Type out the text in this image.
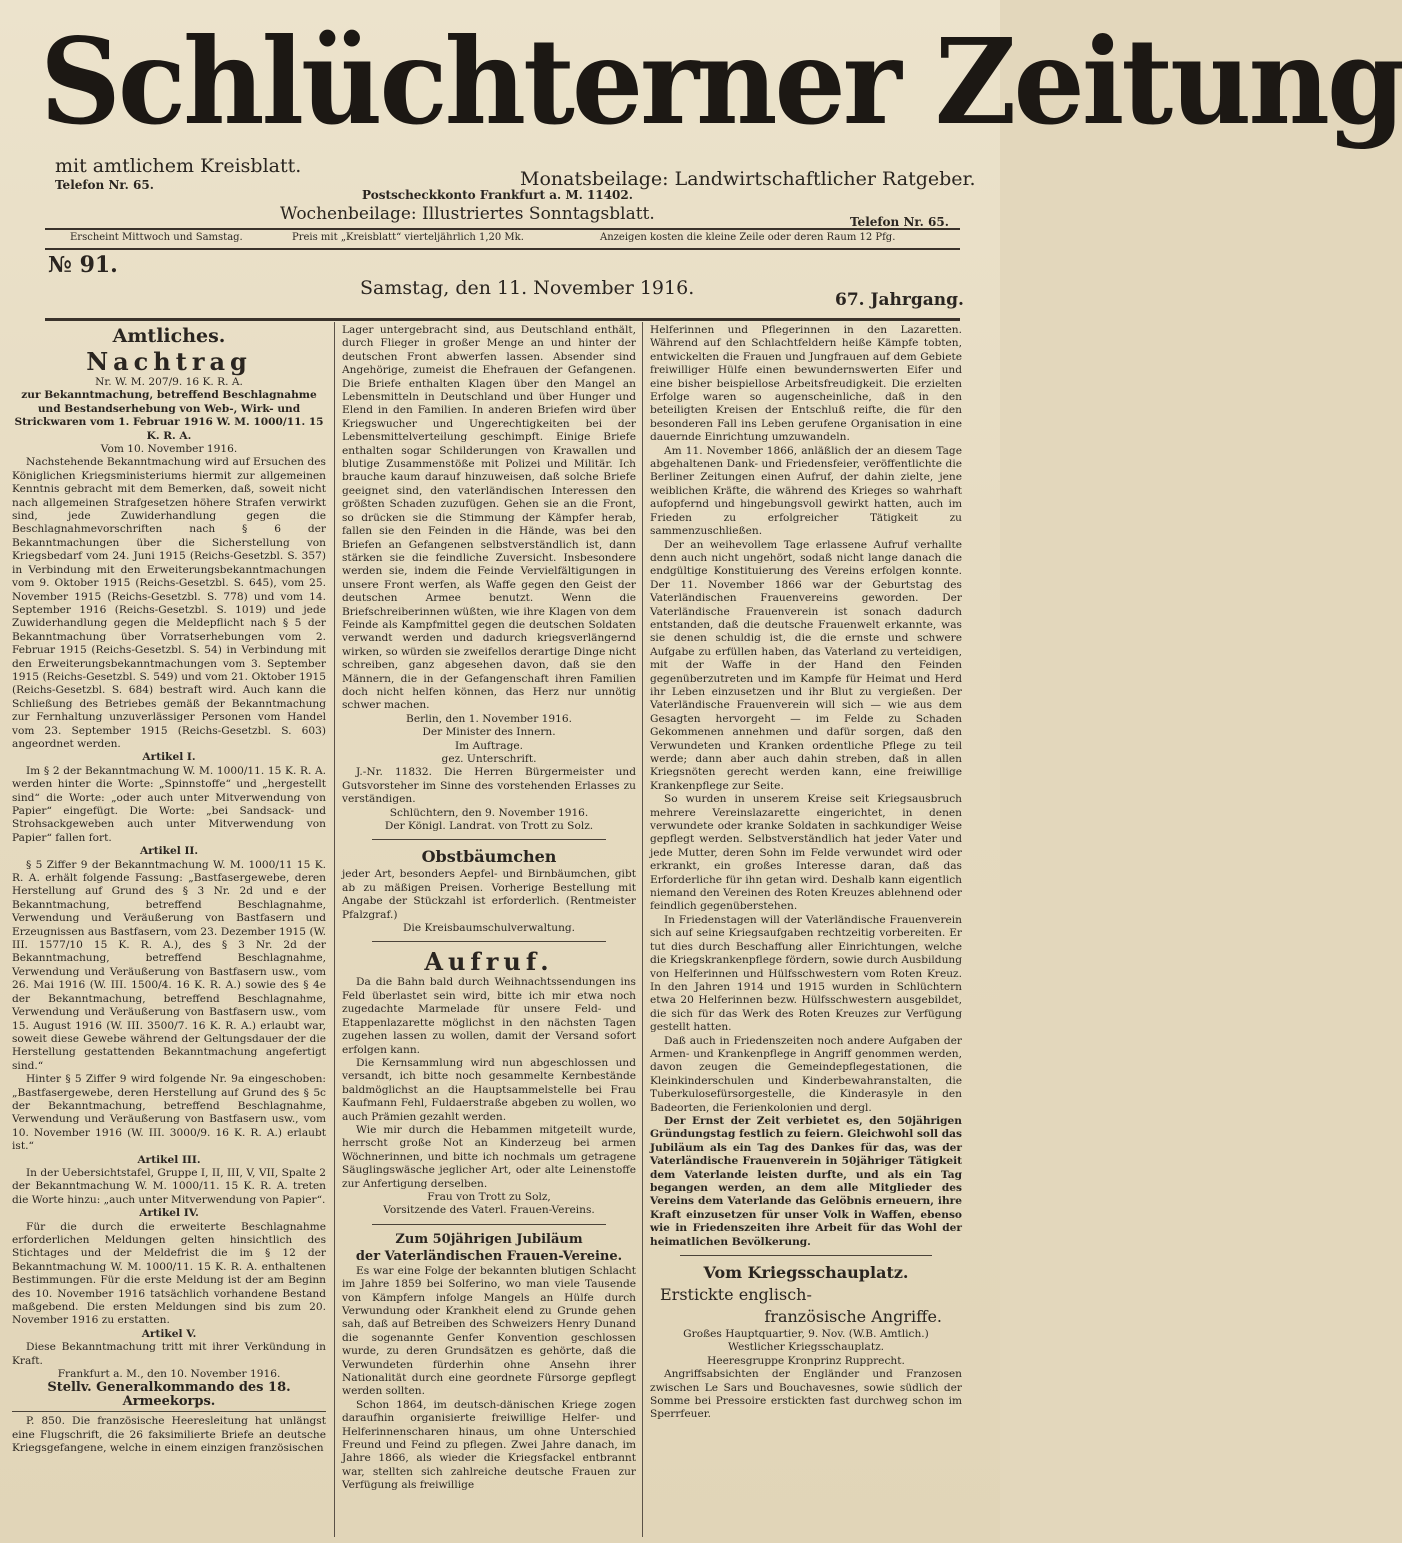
Schlüchterner Zeitung
mit amtlichem Kreisblatt.
Telefon Nr. 65.	Monatsbeilage: Landwirtschaftlicher Ratgeber.
Postscheckkonto Frankfurt a. M. 11402.
Wochenbeilage: Illustriertes Sonntagsblatt.	Telefon Nr. 65.
Erscheint Mittwoch und Samstag.	Preis mit „Kreisblatt“ vierteljährlich 1,20 Mk.	Anzeigen kosten die kleine Zeile oder deren Raum 12 Pfg.
№ 91.
Samstag, den 11. November 1916.
67. Jahrgang.
Amtliches.
Nachtrag

Nr. W. M. 207/9. 16 K. R. A.

zur Bekanntmachung, betreffend Beschlagnahme und Bestandserhebung von Web-, Wirk- und Strickwaren vom 1. Februar 1916 W. M. 1000/11. 15 K. R. A.

Vom 10. November 1916.

Nachstehende Bekanntmachung wird auf Ersuchen des Königlichen Kriegsministeriums hiermit zur allgemeinen Kenntnis gebracht mit dem Bemerken, daß, soweit nicht nach allgemeinen Strafgesetzen höhere Strafen verwirkt sind, jede Zuwiderhandlung gegen die Beschlagnahmevorschriften nach § 6 der Bekanntmachungen über die Sicherstellung von Kriegsbedarf vom 24. Juni 1915 (Reichs-Gesetzbl. S. 357) in Verbindung mit den Erweiterungsbekanntmachungen vom 9. Oktober 1915 (Reichs-Gesetzbl. S. 645), vom 25. November 1915 (Reichs-Gesetzbl. S. 778) und vom 14. September 1916 (Reichs-Gesetzbl. S. 1019) und jede Zuwiderhandlung gegen die Meldepflicht nach § 5 der Bekanntmachung über Vorratserhebungen vom 2. Februar 1915 (Reichs-Gesetzbl. S. 54) in Verbindung mit den Erweiterungsbekanntmachungen vom 3. September 1915 (Reichs-Gesetzbl. S. 549) und vom 21. Oktober 1915 (Reichs-Gesetzbl. S. 684) bestraft wird. Auch kann die Schließung des Betriebes gemäß der Bekanntmachung zur Fernhaltung unzuverlässiger Personen vom Handel vom 23. September 1915 (Reichs-Gesetzbl. S. 603) angeordnet werden.

Artikel I.

Im § 2 der Bekanntmachung W. M. 1000/11. 15 K. R. A. werden hinter die Worte: „Spinnstoffe“ und „hergestellt sind“ die Worte: „oder auch unter Mitverwendung von Papier“ eingefügt. Die Worte: „bei Sandsack- und Strohsackgeweben auch unter Mitverwendung von Papier“ fallen fort.

Artikel II.

§ 5 Ziffer 9 der Bekanntmachung W. M. 1000/11 15 K. R. A. erhält folgende Fassung: „Bastfasergewebe, deren Herstellung auf Grund des § 3 Nr. 2d und e der Bekanntmachung, betreffend Beschlagnahme, Verwendung und Veräußerung von Bastfasern und Erzeugnissen aus Bastfasern, vom 23. Dezember 1915 (W. III. 1577/10 15 K. R. A.), des § 3 Nr. 2d der Bekanntmachung, betreffend Beschlagnahme, Verwendung und Veräußerung von Bastfasern usw., vom 26. Mai 1916 (W. III. 1500/4. 16 K. R. A.) sowie des § 4e der Bekanntmachung, betreffend Beschlagnahme, Verwendung und Veräußerung von Bastfasern usw., vom 15. August 1916 (W. III. 3500/7. 16 K. R. A.) erlaubt war, soweit diese Gewebe während der Geltungsdauer der die Herstellung gestattenden Bekanntmachung angefertigt sind.“

Hinter § 5 Ziffer 9 wird folgende Nr. 9a eingeschoben: „Bastfasergewebe, deren Herstellung auf Grund des § 5c der Bekanntmachung, betreffend Beschlagnahme, Verwendung und Veräußerung von Bastfasern usw., vom 10. November 1916 (W. III. 3000/9. 16 K. R. A.) erlaubt ist.“

Artikel III.

In der Uebersichtstafel, Gruppe I, II, III, V, VII, Spalte 2 der Bekanntmachung W. M. 1000/11. 15 K. R. A. treten die Worte hinzu: „auch unter Mitverwendung von Papier“.

Artikel IV.

Für die durch die erweiterte Beschlagnahme erforderlichen Meldungen gelten hinsichtlich des Stichtages und der Meldefrist die im § 12 der Bekanntmachung W. M. 1000/11. 15 K. R. A. enthaltenen Bestimmungen. Für die erste Meldung ist der am Beginn des 10. November 1916 tatsächlich vorhandene Bestand maßgebend. Die ersten Meldungen sind bis zum 20. November 1916 zu erstatten.

Artikel V.

Diese Bekanntmachung tritt mit ihrer Verkündung in Kraft.

Frankfurt a. M., den 10. November 1916.

Stellv. Generalkommando des 18. Armeekorps.

P. 850. Die französische Heeresleitung hat unlängst eine Flugschrift, die 26 faksimilierte Briefe an deutsche Kriegsgefangene, welche in einem einzigen französischen

Lager untergebracht sind, aus Deutschland enthält, durch Flieger in großer Menge an und hinter der deutschen Front abwerfen lassen. Absender sind Angehörige, zumeist die Ehefrauen der Gefangenen. Die Briefe enthalten Klagen über den Mangel an Lebensmitteln in Deutschland und über Hunger und Elend in den Familien. In anderen Briefen wird über Kriegswucher und Ungerechtigkeiten bei der Lebensmittelverteilung geschimpft. Einige Briefe enthalten sogar Schilderungen von Krawallen und blutige Zusammenstöße mit Polizei und Militär. Ich brauche kaum darauf hinzuweisen, daß solche Briefe geeignet sind, den vaterländischen Interessen den größten Schaden zuzufügen. Gehen sie an die Front, so drücken sie die Stimmung der Kämpfer herab, fallen sie den Feinden in die Hände, was bei den Briefen an Gefangenen selbstverständlich ist, dann stärken sie die feindliche Zuversicht. Insbesondere werden sie, indem die Feinde Vervielfältigungen in unsere Front werfen, als Waffe gegen den Geist der deutschen Armee benutzt. Wenn die Briefschreiberinnen wüßten, wie ihre Klagen von dem Feinde als Kampfmittel gegen die deutschen Soldaten verwandt werden und dadurch kriegsverlängernd wirken, so würden sie zweifellos derartige Dinge nicht schreiben, ganz abgesehen davon, daß sie den Männern, die in der Gefangenschaft ihren Familien doch nicht helfen können, das Herz nur unnötig schwer machen.

Berlin, den 1. November 1916.

Der Minister des Innern.

Im Auftrage.

gez. Unterschrift.

J.-Nr. 11832. Die Herren Bürgermeister und Gutsvorsteher im Sinne des vorstehenden Erlasses zu verständigen.

Schlüchtern, den 9. November 1916.

Der Königl. Landrat. von Trott zu Solz.

Obstbäumchen

jeder Art, besonders Aepfel- und Birnbäumchen, gibt ab zu mäßigen Preisen. Vorherige Bestellung mit Angabe der Stückzahl ist erforderlich. (Rentmeister Pfalzgraf.)

Die Kreisbaumschulverwaltung.

Aufruf.

Da die Bahn bald durch Weihnachtssendungen ins Feld überlastet sein wird, bitte ich mir etwa noch zugedachte Marmelade für unsere Feld- und Etappenlazarette möglichst in den nächsten Tagen zugehen lassen zu wollen, damit der Versand sofort erfolgen kann.

Die Kernsammlung wird nun abgeschlossen und versandt, ich bitte noch gesammelte Kernbestände baldmöglichst an die Hauptsammelstelle bei Frau Kaufmann Fehl, Fuldaerstraße abgeben zu wollen, wo auch Prämien gezahlt werden.

Wie mir durch die Hebammen mitgeteilt wurde, herrscht große Not an Kinderzeug bei armen Wöchnerinnen, und bitte ich nochmals um getragene Säuglingswäsche jeglicher Art, oder alte Leinenstoffe zur Anfertigung derselben.

Frau von Trott zu Solz,

Vorsitzende des Vaterl. Frauen-Vereins.

Zum 50jährigen Jubiläum
der Vaterländischen Frauen-Vereine.

Es war eine Folge der bekannten blutigen Schlacht im Jahre 1859 bei Solferino, wo man viele Tausende von Kämpfern infolge Mangels an Hülfe durch Verwundung oder Krankheit elend zu Grunde gehen sah, daß auf Betreiben des Schweizers Henry Dunand die sogenannte Genfer Konvention geschlossen wurde, zu deren Grundsätzen es gehörte, daß die Verwundeten fürderhin ohne Ansehn ihrer Nationalität durch eine geordnete Fürsorge gepflegt werden sollten.

Schon 1864, im deutsch-dänischen Kriege zogen daraufhin organisierte freiwillige Helfer- und Helferinnenscharen hinaus, um ohne Unterschied Freund und Feind zu pflegen. Zwei Jahre danach, im Jahre 1866, als wieder die Kriegsfackel entbrannt war, stellten sich zahlreiche deutsche Frauen zur Verfügung als freiwillige

Helferinnen und Pflegerinnen in den Lazaretten. Während auf den Schlachtfeldern heiße Kämpfe tobten, entwickelten die Frauen und Jungfrauen auf dem Gebiete freiwilliger Hülfe einen bewundernswerten Eifer und eine bisher beispiellose Arbeitsfreudigkeit. Die erzielten Erfolge waren so augenscheinliche, daß in den beteiligten Kreisen der Entschluß reifte, die für den besonderen Fall ins Leben gerufene Organisation in eine dauernde Einrichtung umzuwandeln.

Am 11. November 1866, anläßlich der an diesem Tage abgehaltenen Dank- und Friedensfeier, veröffentlichte die Berliner Zeitungen einen Aufruf, der dahin zielte, jene weiblichen Kräfte, die während des Krieges so wahrhaft aufopfernd und hingebungsvoll gewirkt hatten, auch im Frieden zu erfolgreicher Tätigkeit zu sammenzuschließen.

Der an weihevollem Tage erlassene Aufruf verhallte denn auch nicht ungehört, sodaß nicht lange danach die endgültige Konstituierung des Vereins erfolgen konnte. Der 11. November 1866 war der Geburtstag des Vaterländischen Frauenvereins geworden. Der Vaterländische Frauenverein ist sonach dadurch entstanden, daß die deutsche Frauenwelt erkannte, was sie denen schuldig ist, die die ernste und schwere Aufgabe zu erfüllen haben, das Vaterland zu verteidigen, mit der Waffe in der Hand den Feinden gegenüberzutreten und im Kampfe für Heimat und Herd ihr Leben einzusetzen und ihr Blut zu vergießen. Der Vaterländische Frauenverein will sich — wie aus dem Gesagten hervorgeht — im Felde zu Schaden Gekommenen annehmen und dafür sorgen, daß den Verwundeten und Kranken ordentliche Pflege zu teil werde; dann aber auch dahin streben, daß in allen Kriegsnöten gerecht werden kann, eine freiwillige Krankenpflege zur Seite.

So wurden in unserem Kreise seit Kriegsausbruch mehrere Vereinslazarette eingerichtet, in denen verwundete oder kranke Soldaten in sachkundiger Weise gepflegt werden. Selbstverständlich hat jeder Vater und jede Mutter, deren Sohn im Felde verwundet wird oder erkrankt, ein großes Interesse daran, daß das Erforderliche für ihn getan wird. Deshalb kann eigentlich niemand den Vereinen des Roten Kreuzes ablehnend oder feindlich gegenüberstehen.

In Friedenstagen will der Vaterländische Frauenverein sich auf seine Kriegsaufgaben rechtzeitig vorbereiten. Er tut dies durch Beschaffung aller Einrichtungen, welche die Kriegskrankenpflege fördern, sowie durch Ausbildung von Helferinnen und Hülfsschwestern vom Roten Kreuz. In den Jahren 1914 und 1915 wurden in Schlüchtern etwa 20 Helferinnen bezw. Hülfsschwestern ausgebildet, die sich für das Werk des Roten Kreuzes zur Verfügung gestellt hatten.

Daß auch in Friedenszeiten noch andere Aufgaben der Armen- und Krankenpflege in Angriff genommen werden, davon zeugen die Gemeindepflegestationen, die Kleinkinderschulen und Kinderbewahranstalten, die Tuberkulosefürsorgestelle, die Kinderasyle in den Badeorten, die Ferienkolonien und dergl.

Der Ernst der Zeit verbietet es, den 50jährigen Gründungstag festlich zu feiern. Gleichwohl soll das Jubiläum als ein Tag des Dankes für das, was der Vaterländische Frauenverein in 50jähriger Tätigkeit dem Vaterlande leisten durfte, und als ein Tag begangen werden, an dem alle Mitglieder des Vereins dem Vaterlande das Gelöbnis erneuern, ihre Kraft einzusetzen für unser Volk in Waffen, ebenso wie in Friedenszeiten ihre Arbeit für das Wohl der heimatlichen Bevölkerung.

Vom Kriegsschauplatz.
Erstickte englisch-
französische Angriffe.

Großes Hauptquartier, 9. Nov. (W.B. Amtlich.)

Westlicher Kriegsschauplatz.

Heeresgruppe Kronprinz Rupprecht.

Angriffsabsichten der Engländer und Franzosen zwischen Le Sars und Bouchavesnes, sowie südlich der Somme bei Pressoire erstickten fast durchweg schon im Sperrfeuer.
